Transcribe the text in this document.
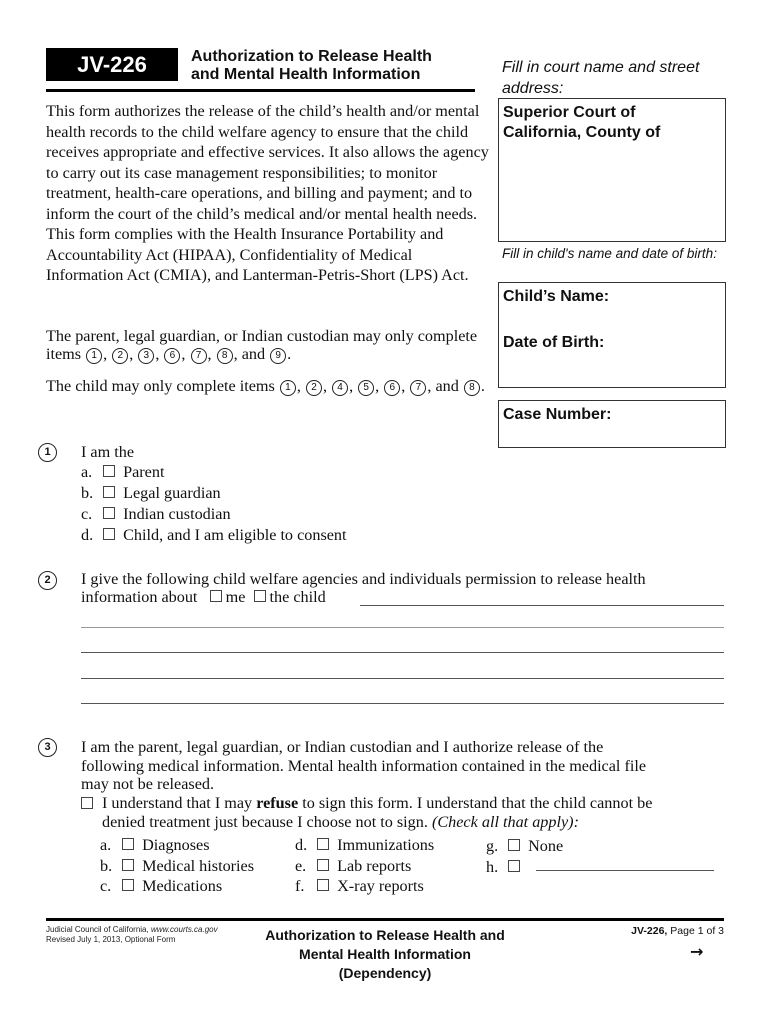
JV-226	Authorization to Release Health
and Mental Health Information
This form authorizes the release of the child’s health and/or mental health records to the child welfare agency to ensure that the child receives appropriate and effective services. It also allows the agency to carry out its case management responsibilities; to monitor treatment, health-care operations, and billing and payment; and to inform the court of the child’s medical and/or mental health needs. This form complies with the Health Insurance Portability and Accountability Act (HIPAA), Confidentiality of Medical Information Act (CMIA), and Lanterman-Petris-Short (LPS) Act.
The parent, legal guardian, or Indian custodian may only complete items 1 , 2 , 3 , 6 , 7 , 8 , and 9 .
The child may only complete items 1 , 2 , 4 , 5 , 6 , 7 , and 8 .
Fill in court name and street address:
Superior Court of
California, County of
Fill in child's name and date of birth:
Child’s Name:
Date of Birth:
Case Number:
1	I am the
a.
	Parent
b.
	Legal guardian
c.
	Indian custodian
d.
	Child, and I am eligible to consent
2	I give the following child welfare agencies and individuals permission to release health
information about

me

the child
3	I am the parent, legal guardian, or Indian custodian and I authorize release of the
following medical information. Mental health information contained in the medical file
may not be released.
I understand that I may refuse to sign this form. I understand that the child cannot be
denied treatment just because I choose not to sign. (Check all that apply):
a.
	Diagnoses
b.
	Medical histories
c.
	Medications
d.
	Immunizations
e.
	Lab reports
f.
	X-ray reports
g.
	None
h.
Judicial Council of California, www.courts.ca.gov
Revised July 1, 2013, Optional Form	Authorization to Release Health and
Mental Health Information
(Dependency)
JV-226, Page 1 of 3
→
